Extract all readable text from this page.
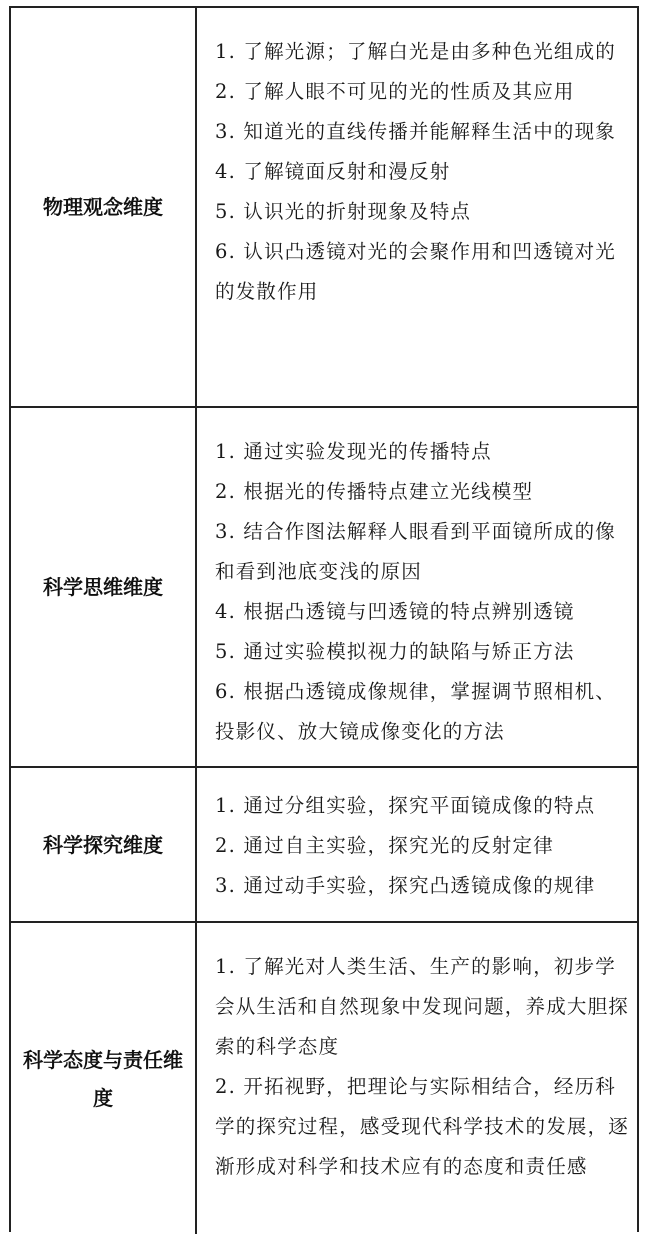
物理观念维度

1. 了解光源；了解白光是由多种色光组成的

2. 了解人眼不可见的光的性质及其应用

3. 知道光的直线传播并能解释生活中的现象

4. 了解镜面反射和漫反射

5. 认识光的折射现象及特点

6. 认识凸透镜对光的会聚作用和凹透镜对光的发散作用

科学思维维度

1. 通过实验发现光的传播特点

2. 根据光的传播特点建立光线模型

3. 结合作图法解释人眼看到平面镜所成的像和看到池底变浅的原因

4. 根据凸透镜与凹透镜的特点辨别透镜

5. 通过实验模拟视力的缺陷与矫正方法

6. 根据凸透镜成像规律，掌握调节照相机、投影仪、放大镜成像变化的方法

科学探究维度

1. 通过分组实验，探究平面镜成像的特点

2. 通过自主实验，探究光的反射定律

3. 通过动手实验，探究凸透镜成像的规律

科学态度与责任维度

1. 了解光对人类生活、生产的影响，初步学会从生活和自然现象中发现问题，养成大胆探索的科学态度

2. 开拓视野，把理论与实际相结合，经历科学的探究过程，感受现代科学技术的发展，逐渐形成对科学和技术应有的态度和责任感
